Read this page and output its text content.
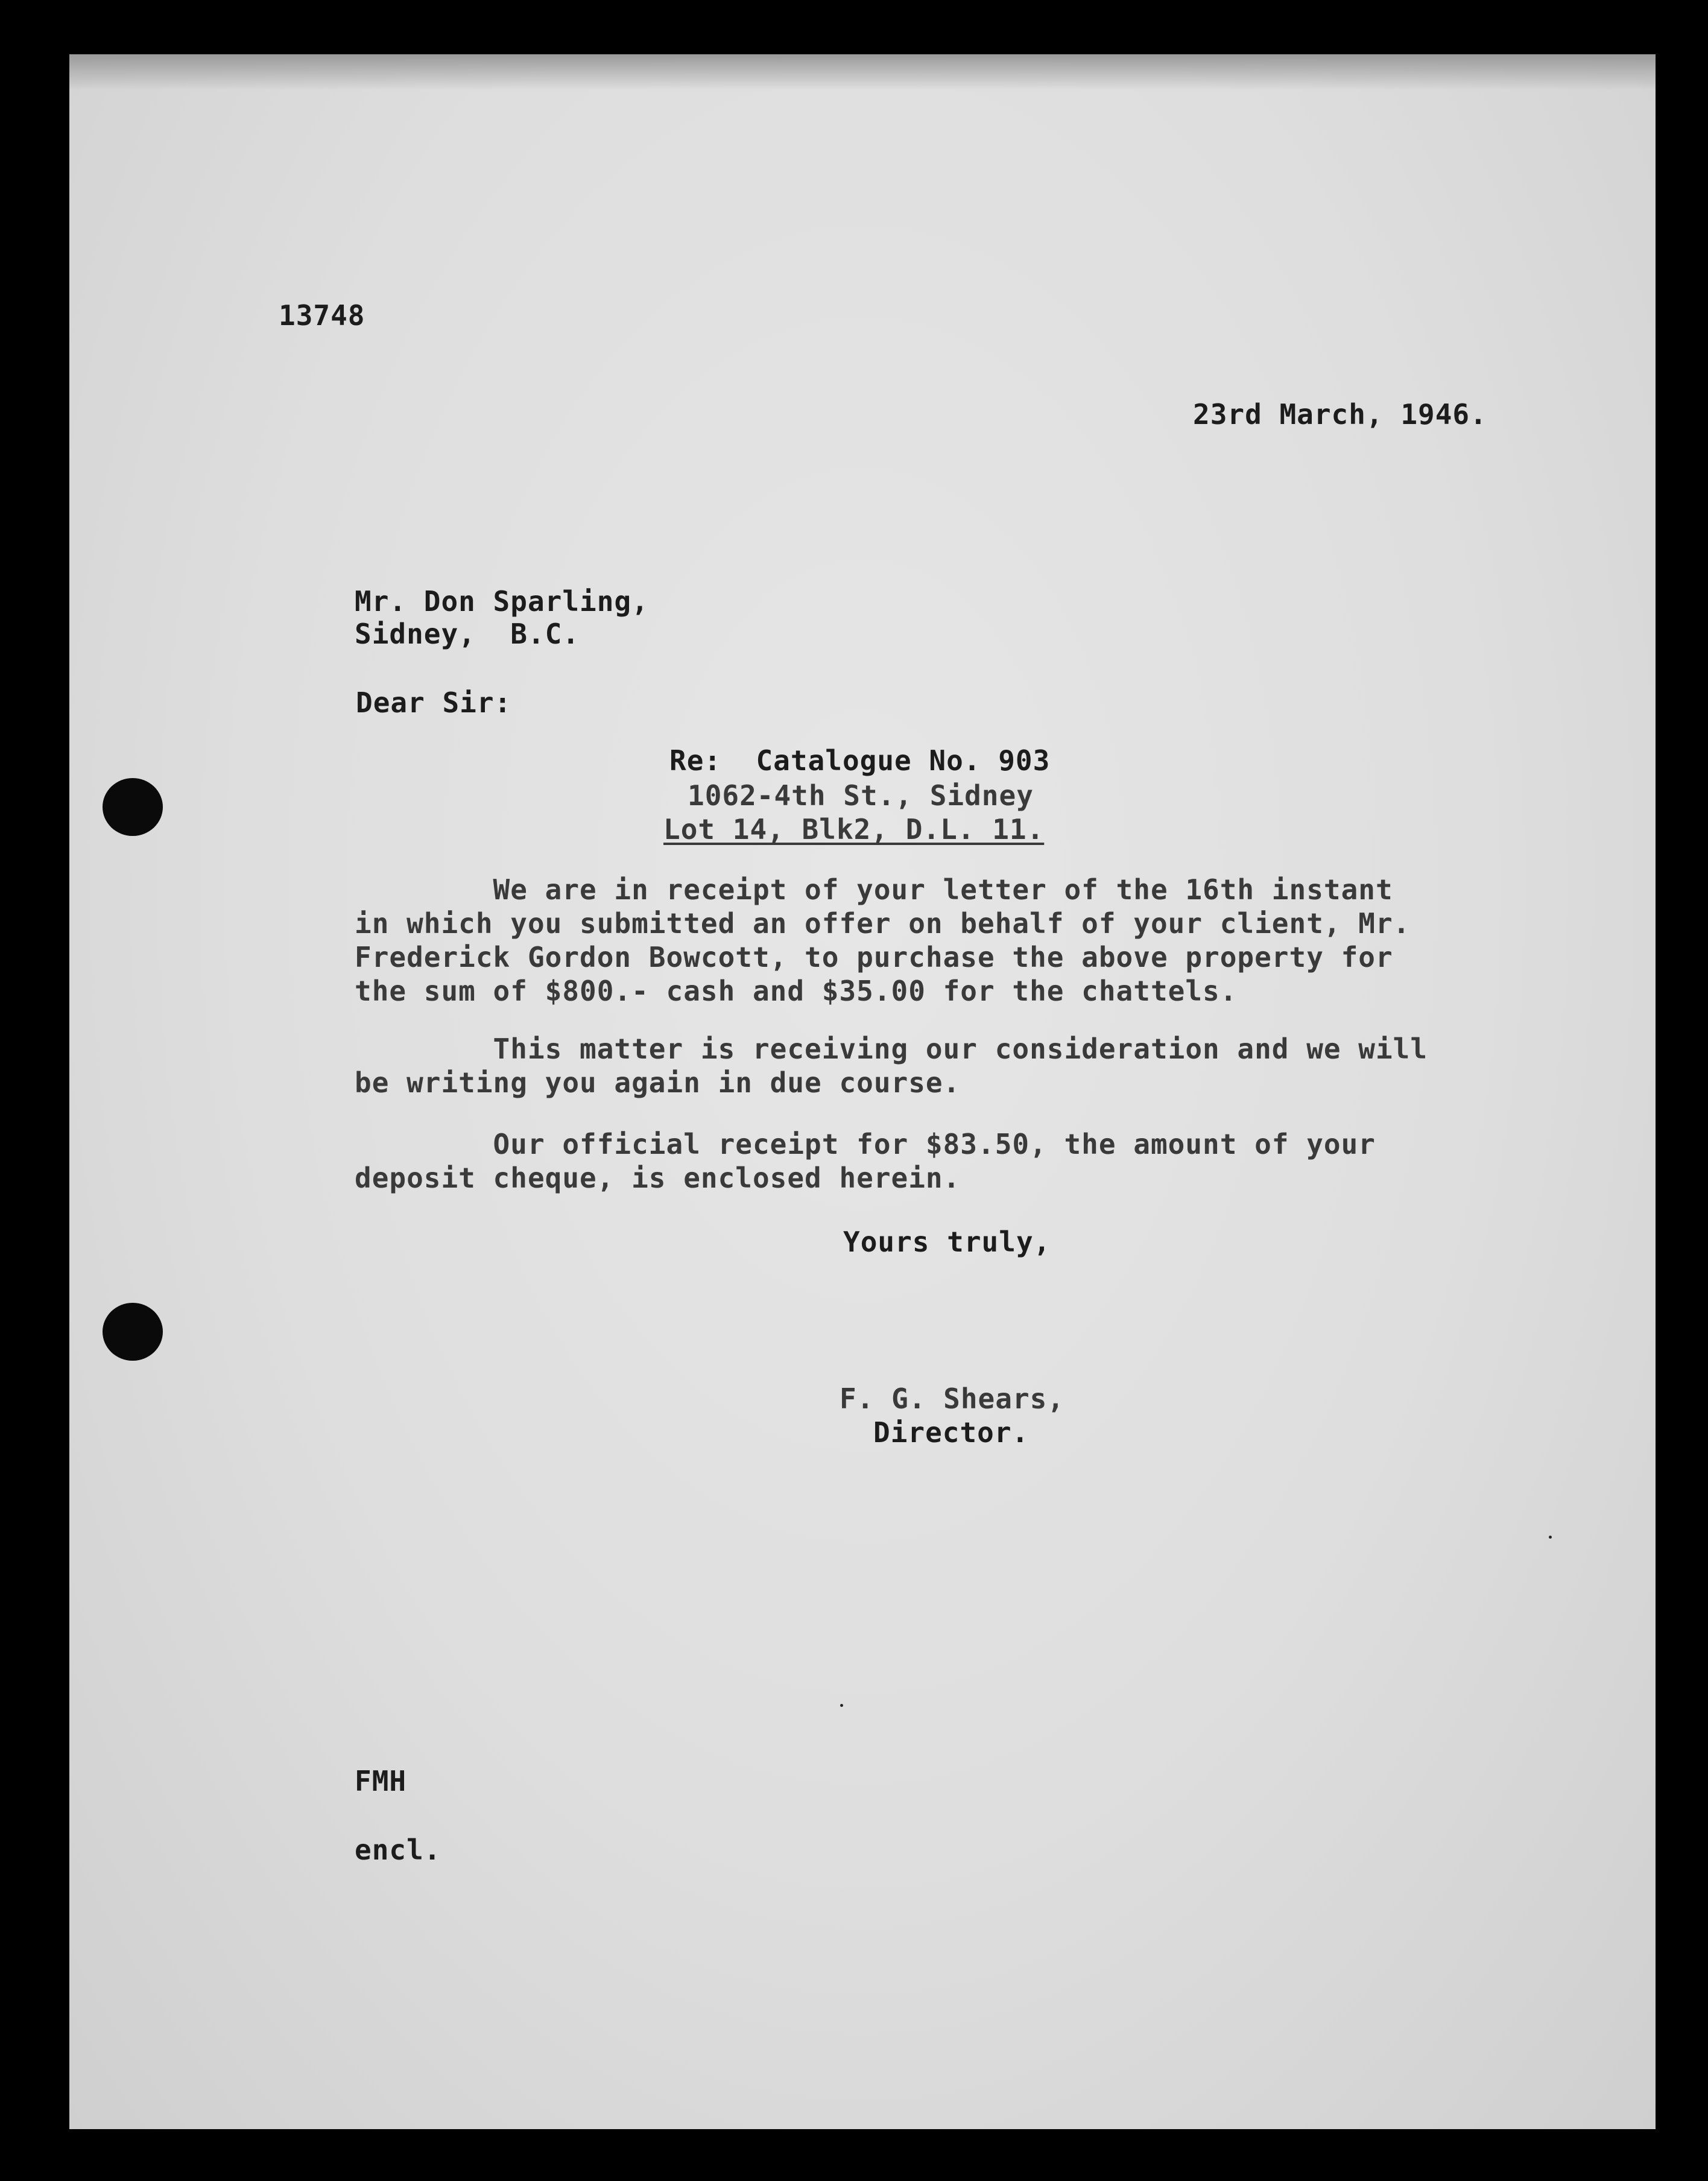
13748
23rd March, 1946.
Mr. Don Sparling,
Sidney,  B.C.
Dear Sir:
Re:  Catalogue No. 903
1062-4th St., Sidney
Lot 14, Blk2, D.L. 11.
We are in receipt of your letter of the 16th instant
in which you submitted an offer on behalf of your client, Mr.
Frederick Gordon Bowcott, to purchase the above property for
the sum of $800.- cash and $35.00 for the chattels.
This matter is receiving our consideration and we will
be writing you again in due course.
Our official receipt for $83.50, the amount of your
deposit cheque, is enclosed herein.
Yours truly,
F. G. Shears,
Director.
FMH
encl.
